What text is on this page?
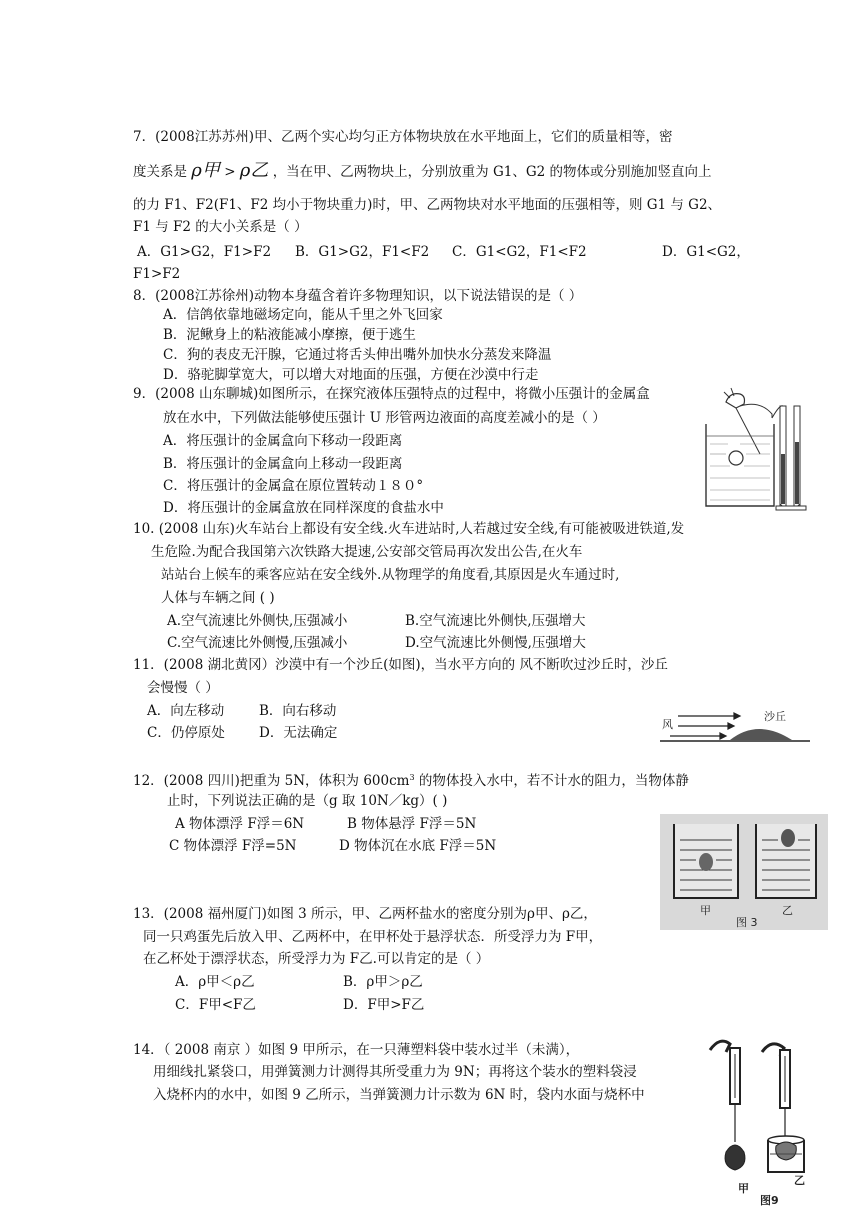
7．(2008江苏苏州)甲、乙两个实心均匀正方体物块放在水平地面上，它们的质量相等，密
度关系是 ρ甲 > ρ乙 ，当在甲、乙两物块上，分别放重为 G1、G2 的物体或分别施加竖直向上
的力 F1、F2(F1、F2 均小于物块重力)时，甲、乙两物块对水平地面的压强相等，则 G1 与 G2、
F1 与 F2 的大小关系是（ ）
A．G1>G2，F1>F2 B．G1>G2，F1<F2 C．G1<G2，F1<F2	D．G1<G2，
F1>F2
8．(2008江苏徐州)动物本身蕴含着许多物理知识，以下说法错误的是（ ）
A．信鸽依靠地磁场定向，能从千里之外飞回家
B．泥鳅身上的粘液能减小摩擦，便于逃生
C．狗的表皮无汗腺，它通过将舌头伸出嘴外加快水分蒸发来降温
D．骆驼脚掌宽大，可以增大对地面的压强，方便在沙漠中行走
9．(2008 山东聊城)如图所示，在探究液体压强特点的过程中，将微小压强计的金属盒
放在水中，下列做法能够使压强计 U 形管两边液面的高度差减小的是（ ）
A．将压强计的金属盒向下移动一段距离
B．将压强计的金属盒向上移动一段距离
C．将压强计的金属盒在原位置转动１８０°
D．将压强计的金属盒放在同样深度的食盐水中
10. (2008 山东)火车站台上都设有安全线.火车进站时,人若越过安全线,有可能被吸进铁道,发
生危险.为配合我国第六次铁路大提速,公安部交管局再次发出公告,在火车
站站台上候车的乘客应站在安全线外.从物理学的角度看,其原因是火车通过时,
人体与车辆之间 ( )
A.空气流速比外侧快,压强减小	B.空气流速比外侧快,压强增大
C.空气流速比外侧慢,压强减小	D.空气流速比外侧慢,压强增大
11．(2008 湖北黄冈）沙漠中有一个沙丘(如图)，当水平方向的 风不断吹过沙丘时，沙丘
会慢慢（ ）
A．向左移动	B．向右移动
C．仍停原处	D．无法确定
风
沙丘
12．(2008 四川)把重为 5N，体积为 $600cm^3$ 的物体投入水中，若不计水的阻力，当物体静
止时，下列说法正确的是（g 取 10N／kg）( )
A 物体漂浮 F浮＝6N	B 物体悬浮 F浮＝5N
C 物体漂浮 F浮=5N	D 物体沉在水底 F浮＝5N
甲	乙
图 3
13．(2008 福州厦门)如图 3 所示，甲、乙两杯盐水的密度分别为ρ甲、ρ乙，
同一只鸡蛋先后放入甲、乙两杯中，在甲杯处于悬浮状态．所受浮力为 F甲，
在乙杯处于漂浮状态，所受浮力为 F乙.可以肯定的是（ ）
A．ρ甲＜ρ乙	B．ρ甲＞ρ乙
C．F甲<F乙	D．F甲>F乙
14．（ 2008 南京 ）如图 9 甲所示，在一只薄塑料袋中装水过半（未满），
用细线扎紧袋口，用弹簧测力计测得其所受重力为 9N；再将这个装水的塑料袋浸
入烧杯内的水中，如图 9 乙所示，当弹簧测力计示数为 6N 时，袋内水面与烧杯中
甲
乙
图9
